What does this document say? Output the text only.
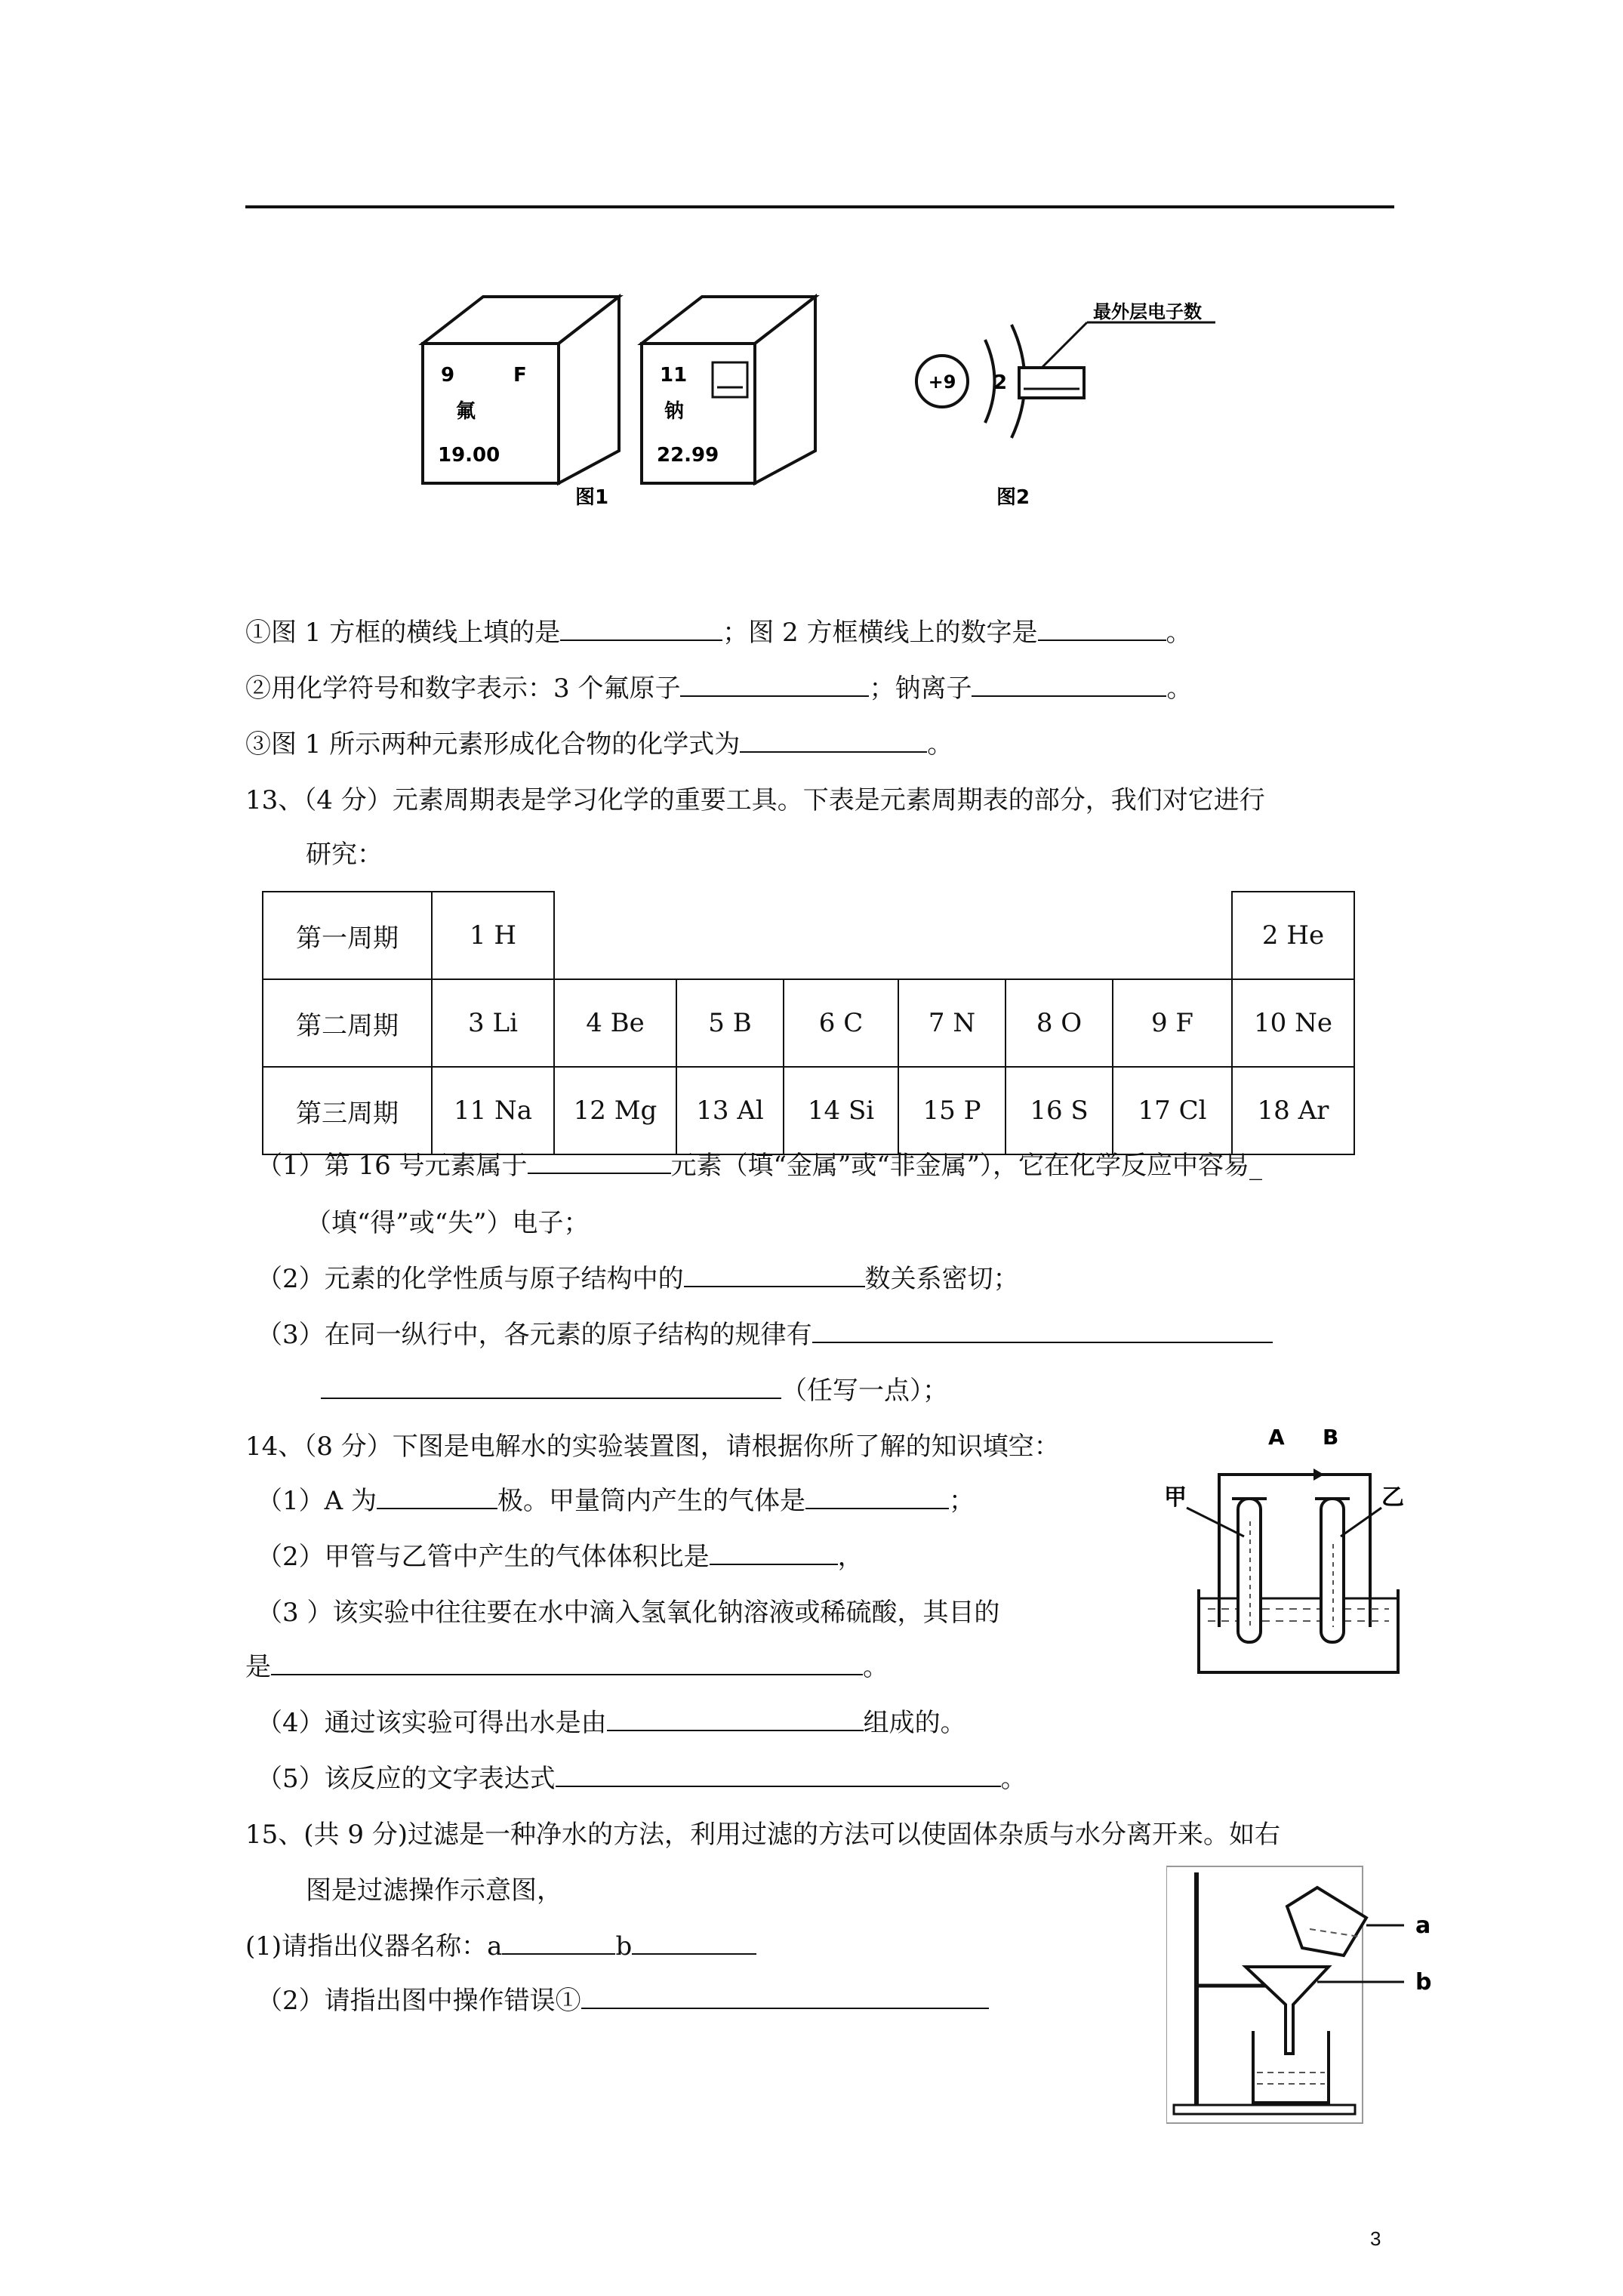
9	F
氟
19.00
11
钠
22.99
图1
+9 2
最外层电子数
图2
①图 1 方框的横线上填的是	；图 2 方框横线上的数字是	。
②用化学符号和数字表示：3 个氟原子	；钠离子	。
③图 1 所示两种元素形成化合物的化学式为	。
13、（4 分）元素周期表是学习化学的重要工具。下表是元素周期表的部分，我们对它进行
研究：
第一周期	1 H							2 He
第二周期	3 Li	4 Be	5 B	6 C	7 N	8 O	9 F	10 Ne
第三周期	11 Na	12 Mg	13 Al	14 Si	15 P	16 S	17 Cl	18 Ar
（1）第 16 号元素属于	元素（填“金属”或“非金属”），它在化学反应中容易_
（填“得”或“失”）电子；
（2）元素的化学性质与原子结构中的	数关系密切；
（3）在同一纵行中，各元素的原子结构的规律有
（任写一点）；
14、（8 分）下图是电解水的实验装置图，请根据你所了解的知识填空：
（1）A 为	极。甲量筒内产生的气体是	；
（2）甲管与乙管中产生的气体体积比是	，
（3 ）该实验中往往要在水中滴入氢氧化钠溶液或稀硫酸，其目的
是	。
（4）通过该实验可得出水是由	组成的。
（5）该反应的文字表达式	。
A B
甲	乙
15、(共 9 分)过滤是一种净水的方法，利用过滤的方法可以使固体杂质与水分离开来。如右
图是过滤操作示意图，
(1)请指出仪器名称：a	b
（2）请指出图中操作错误①
a
b
3
